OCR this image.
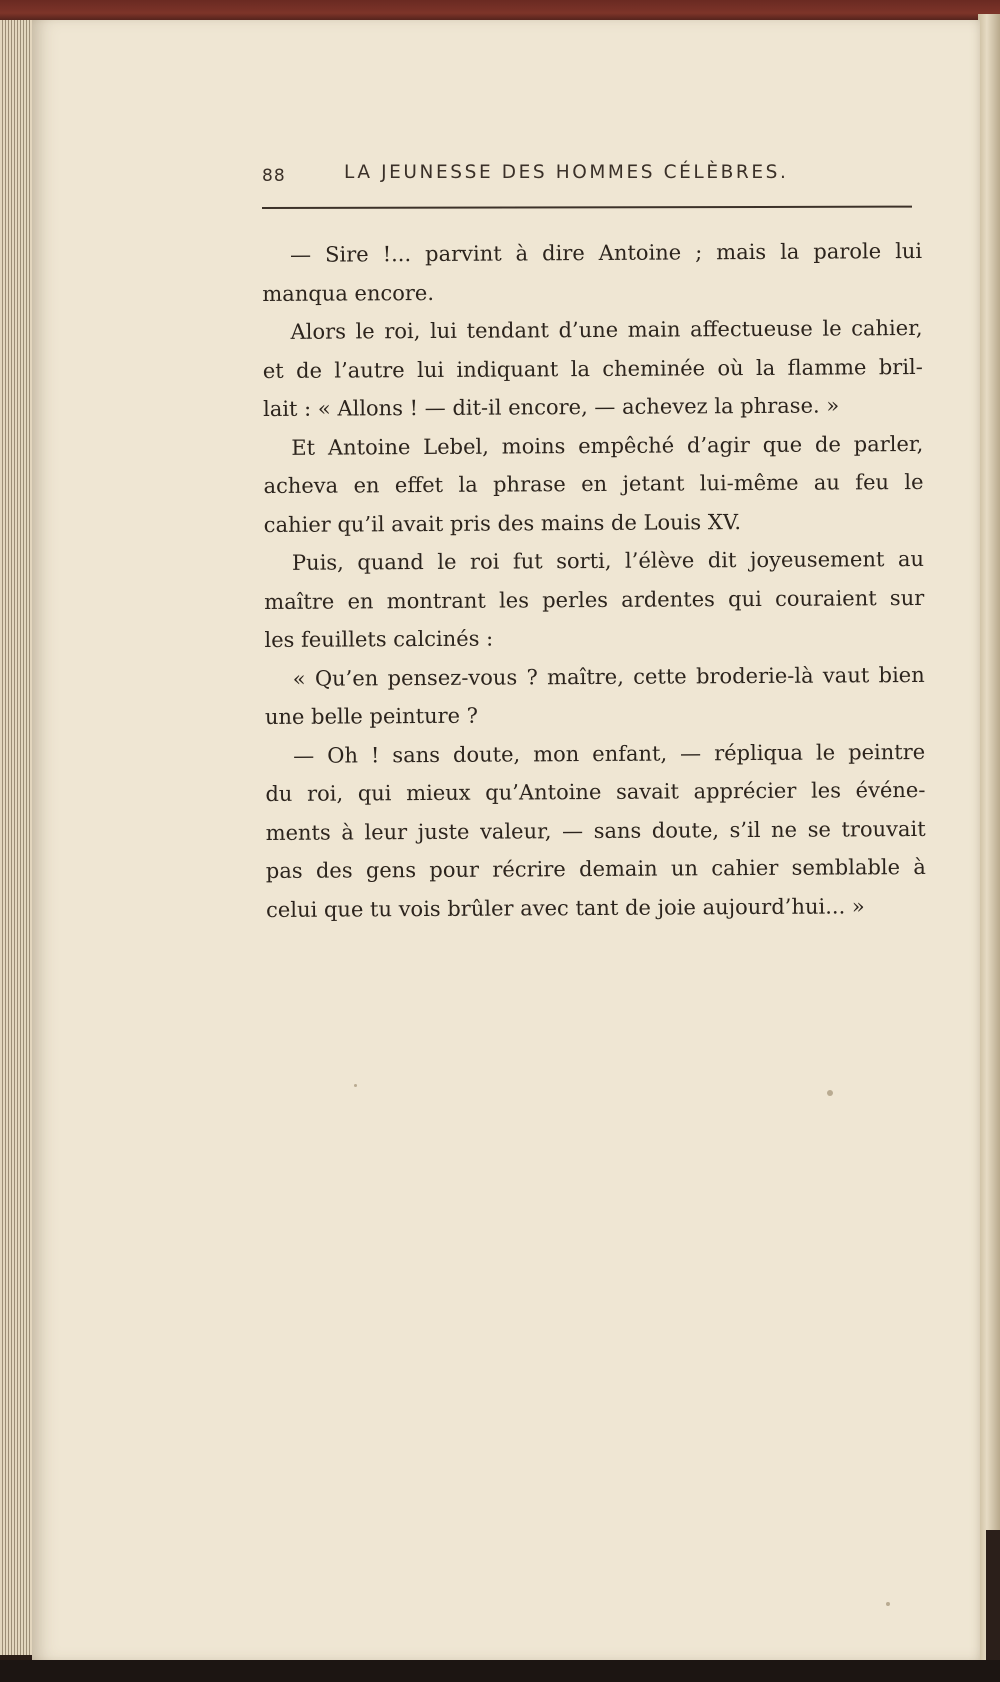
88	LA JEUNESSE DES HOMMES CÉLÈBRES.
— Sire !... parvint à dire Antoine ; mais la parole lui
manqua encore.
Alors le roi, lui tendant d’une main affectueuse le cahier,
et de l’autre lui indiquant la cheminée où la flamme bril-
lait : « Allons ! — dit-il encore, — achevez la phrase. »
Et Antoine Lebel, moins empêché d’agir que de parler,
acheva en effet la phrase en jetant lui-même au feu le
cahier qu’il avait pris des mains de Louis XV.
Puis, quand le roi fut sorti, l’élève dit joyeusement au
maître en montrant les perles ardentes qui couraient sur
les feuillets calcinés :
« Qu’en pensez-vous ? maître, cette broderie-là vaut bien
une belle peinture ?
— Oh ! sans doute, mon enfant, — répliqua le peintre
du roi, qui mieux qu’Antoine savait apprécier les événe-
ments à leur juste valeur, — sans doute, s’il ne se trouvait
pas des gens pour récrire demain un cahier semblable à
celui que tu vois brûler avec tant de joie aujourd’hui... »
